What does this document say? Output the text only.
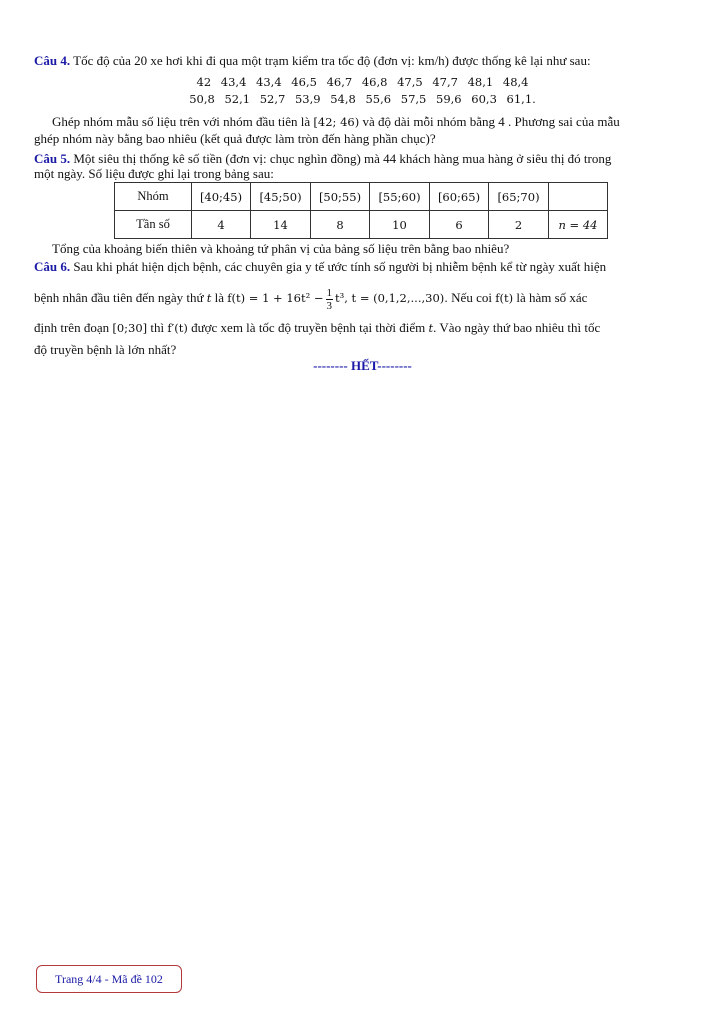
Câu 4. Tốc độ của 20 xe hơi khi đi qua một trạm kiểm tra tốc độ (đơn vị: km/h) được thống kê lại như sau:
42 43,4 43,4 46,5 46,7 46,8 47,5 47,7 48,1 48,4
50,8 52,1 52,7 53,9 54,8 55,6 57,5 59,6 60,3 61,1.
Ghép nhóm mẫu số liệu trên với nhóm đầu tiên là [42; 46) và độ dài mỗi nhóm bằng 4 . Phương sai của mẫu
ghép nhóm này bằng bao nhiêu (kết quả được làm tròn đến hàng phần chục)?
Câu 5. Một siêu thị thống kê số tiền (đơn vị: chục nghìn đồng) mà 44 khách hàng mua hàng ở siêu thị đó trong
một ngày. Số liệu được ghi lại trong bảng sau:
Nhóm	[40;45)	[45;50)	[50;55)	[55;60)	[60;65)	[65;70)	
Tần số	4	14	8	10	6	2	n = 44
Tổng của khoảng biến thiên và khoảng tứ phân vị của bảng số liệu trên bằng bao nhiêu?
Câu 6. Sau khi phát hiện dịch bệnh, các chuyên gia y tế ước tính số người bị nhiễm bệnh kể từ ngày xuất hiện
bệnh nhân đầu tiên đến ngày thứ t là $f(t) = 1 + 16t^2 - \frac{1}{3} t^3$, t = (0,1,2,...,30). Nếu coi f(t) là hàm số xác
định trên đoạn [0;30] thì f′(t) được xem là tốc độ truyền bệnh tại thời điểm t. Vào ngày thứ bao nhiêu thì tốc
độ truyền bệnh là lớn nhất?
-------- HẾT--------
Trang 4/4 - Mã đề 102
